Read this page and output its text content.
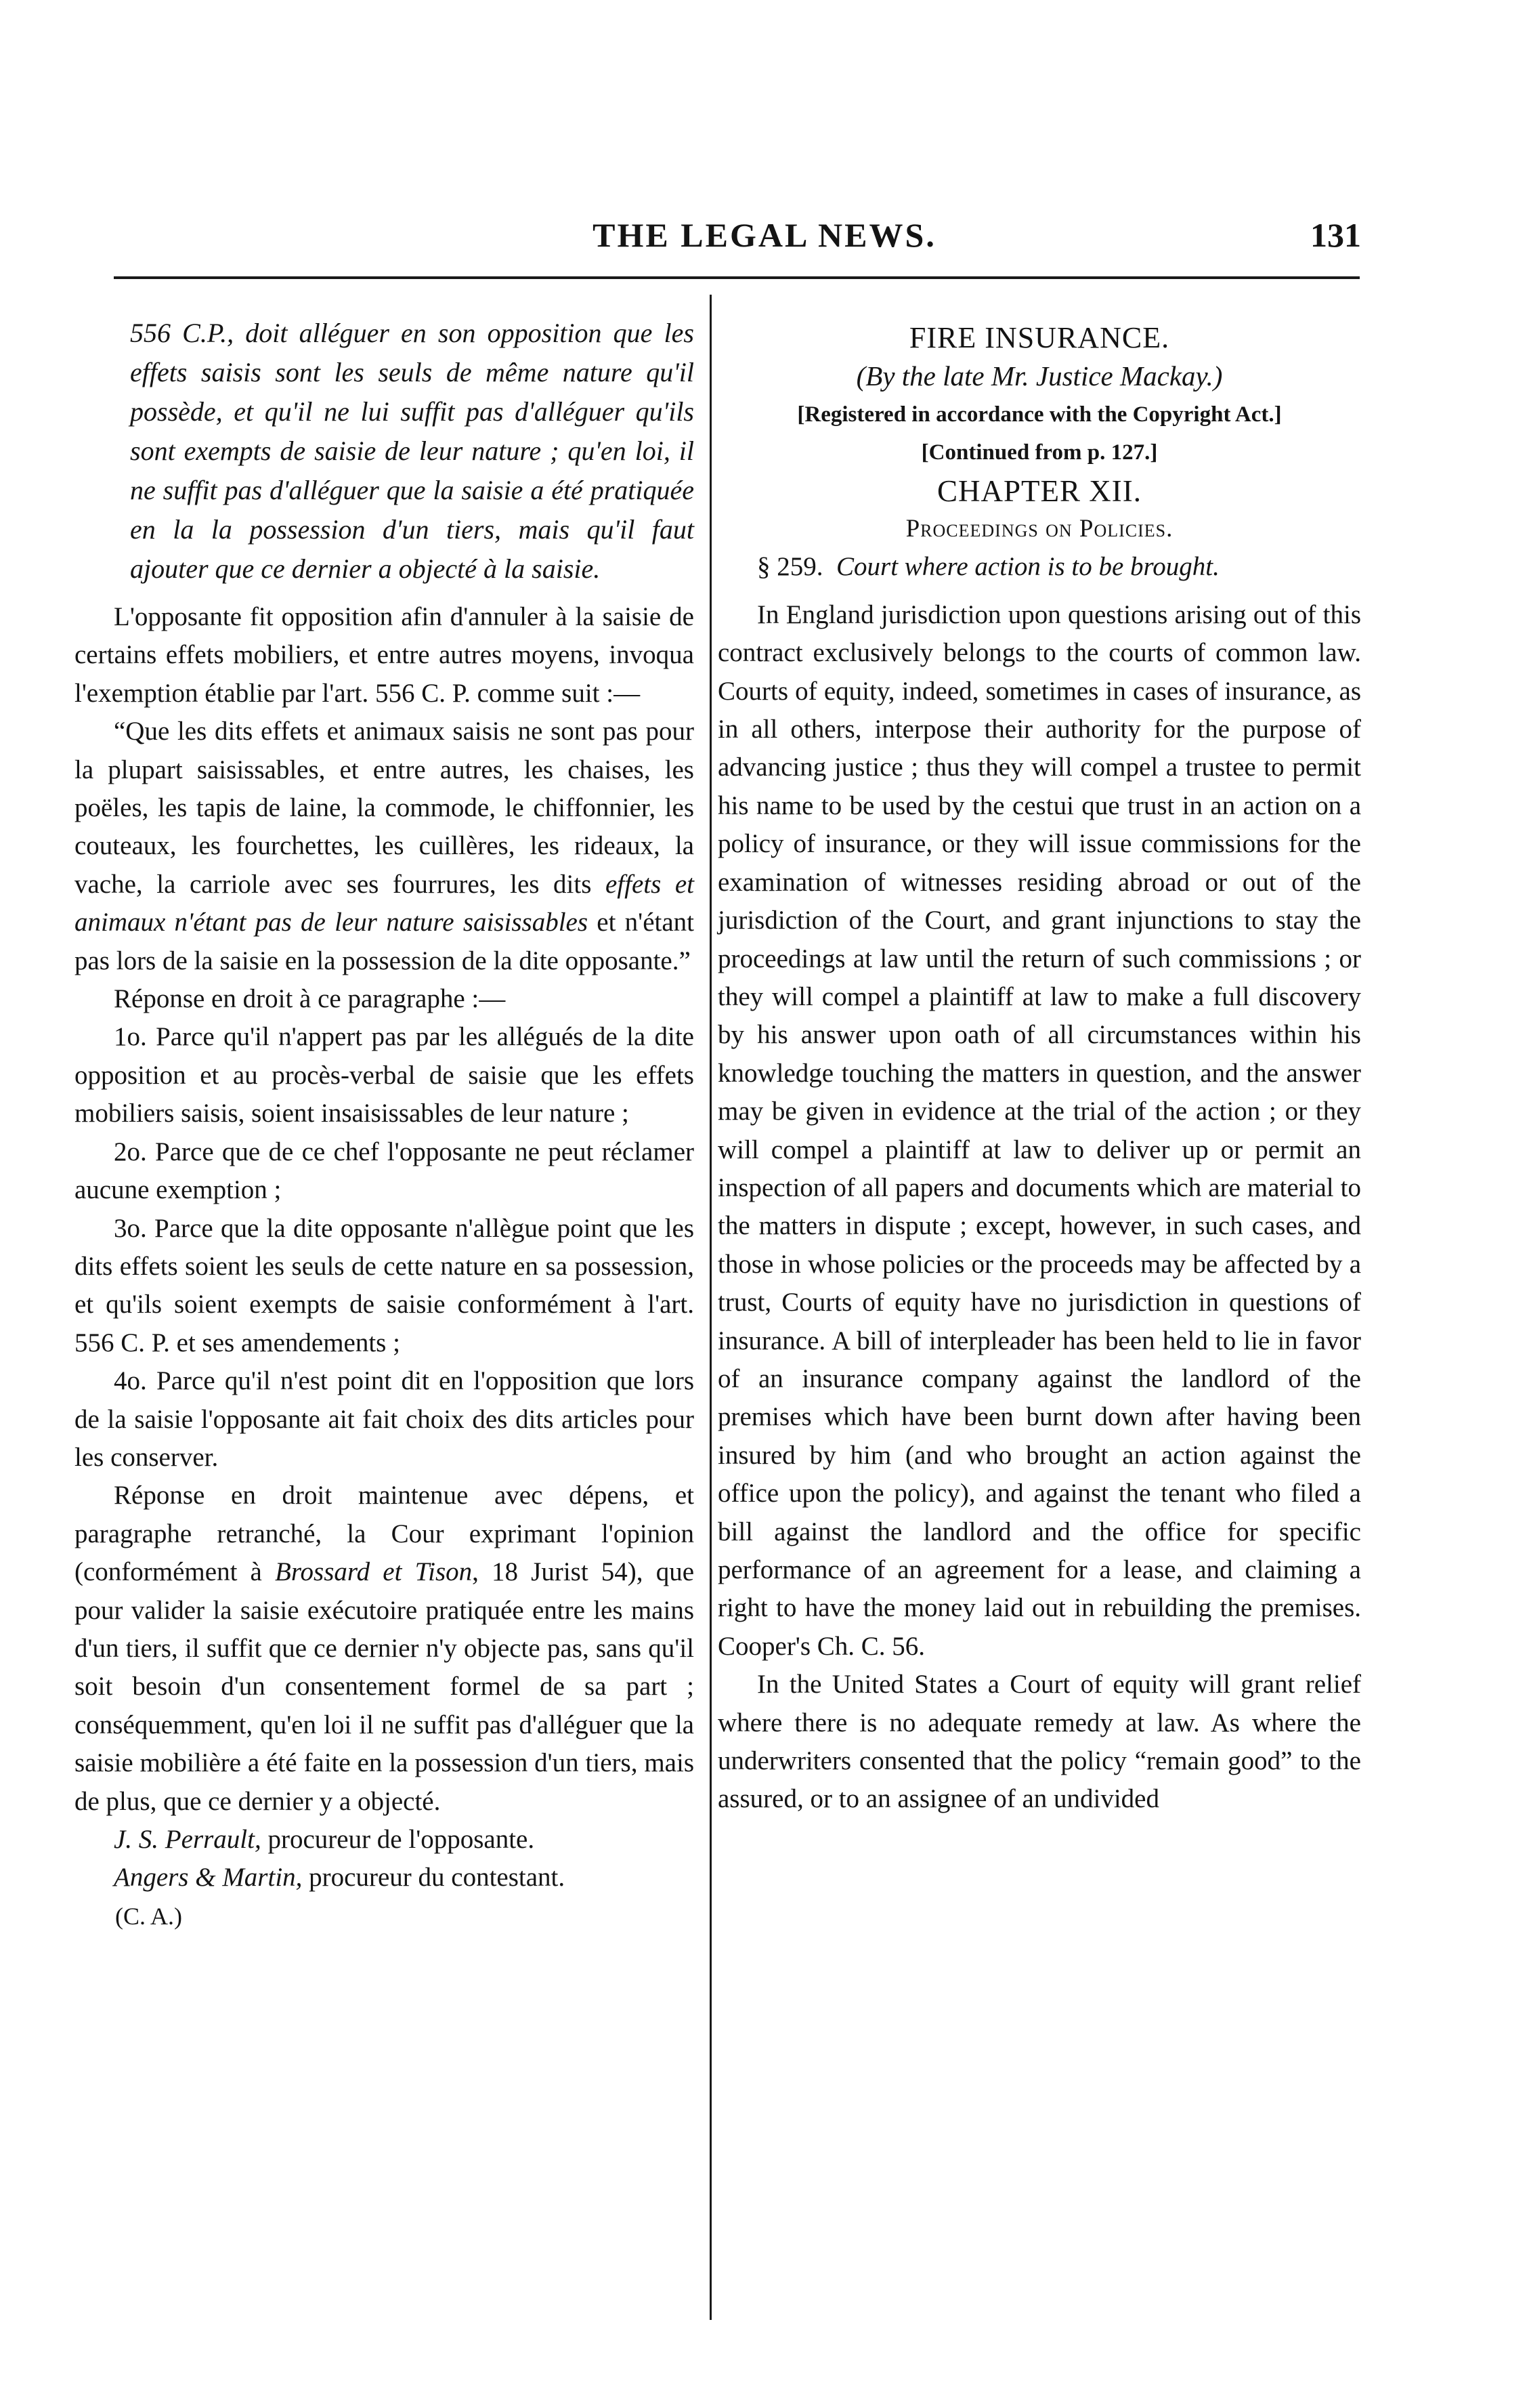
THE LEGAL NEWS.	131

556 C.P., doit alléguer en son opposition que les effets saisis sont les seuls de même nature qu'il possède, et qu'il ne lui suffit pas d'alléguer qu'ils sont exempts de saisie de leur nature ; qu'en loi, il ne suffit pas d'alléguer que la saisie a été pratiquée en la la possession d'un tiers, mais qu'il faut ajouter que ce dernier a objecté à la saisie.

L'opposante fit opposition afin d'annuler à la saisie de certains effets mobiliers, et entre autres moyens, invoqua l'exemption établie par l'art. 556 C. P. comme suit :—

“Que les dits effets et animaux saisis ne sont pas pour la plupart saisissables, et entre autres, les chaises, les poëles, les tapis de laine, la commode, le chiffonnier, les couteaux, les fourchettes, les cuillères, les rideaux, la vache, la carriole avec ses fourrures, les dits effets et animaux n'étant pas de leur nature saisissables et n'étant pas lors de la saisie en la possession de la dite opposante.”

Réponse en droit à ce paragraphe :—

1o. Parce qu'il n'appert pas par les allégués de la dite opposition et au procès-verbal de saisie que les effets mobiliers saisis, soient insaisissables de leur nature ;

2o. Parce que de ce chef l'opposante ne peut réclamer aucune exemption ;

3o. Parce que la dite opposante n'allègue point que les dits effets soient les seuls de cette nature en sa possession, et qu'ils soient exempts de saisie conformément à l'art. 556 C. P. et ses amendements ;

4o. Parce qu'il n'est point dit en l'opposition que lors de la saisie l'opposante ait fait choix des dits articles pour les conserver.

Réponse en droit maintenue avec dépens, et paragraphe retranché, la Cour exprimant l'opinion (conformément à Brossard et Tison, 18 Jurist 54), que pour valider la saisie exécutoire pratiquée entre les mains d'un tiers, il suffit que ce dernier n'y objecte pas, sans qu'il soit besoin d'un consentement formel de sa part ; conséquemment, qu'en loi il ne suffit pas d'alléguer que la saisie mobilière a été faite en la possession d'un tiers, mais de plus, que ce dernier y a objecté.

J. S. Perrault, procureur de l'opposante.

Angers & Martin, procureur du contestant.

(C. A.)

FIRE INSURANCE.

(By the late Mr. Justice Mackay.)

[Registered in accordance with the Copyright Act.]

[Continued from p. 127.]

CHAPTER XII.

Proceedings on Policies.

§ 259. Court where action is to be brought.

In England jurisdiction upon questions arising out of this contract exclusively belongs to the courts of common law. Courts of equity, indeed, sometimes in cases of insurance, as in all others, interpose their authority for the purpose of advancing justice ; thus they will compel a trustee to permit his name to be used by the cestui que trust in an action on a policy of insurance, or they will issue commissions for the examination of witnesses residing abroad or out of the jurisdiction of the Court, and grant injunctions to stay the proceedings at law until the return of such commissions ; or they will compel a plaintiff at law to make a full discovery by his answer upon oath of all circumstances within his knowledge touching the matters in question, and the answer may be given in evidence at the trial of the action ; or they will compel a plaintiff at law to deliver up or permit an inspection of all papers and documents which are material to the matters in dispute ; except, however, in such cases, and those in whose policies or the proceeds may be affected by a trust, Courts of equity have no jurisdiction in questions of insurance. A bill of interpleader has been held to lie in favor of an insurance company against the landlord of the premises which have been burnt down after having been insured by him (and who brought an action against the office upon the policy), and against the tenant who filed a bill against the landlord and the office for specific performance of an agreement for a lease, and claiming a right to have the money laid out in rebuilding the premises. Cooper's Ch. C. 56.

In the United States a Court of equity will grant relief where there is no adequate remedy at law. As where the underwriters consented that the policy “remain good” to the assured, or to an assignee of an undivided
